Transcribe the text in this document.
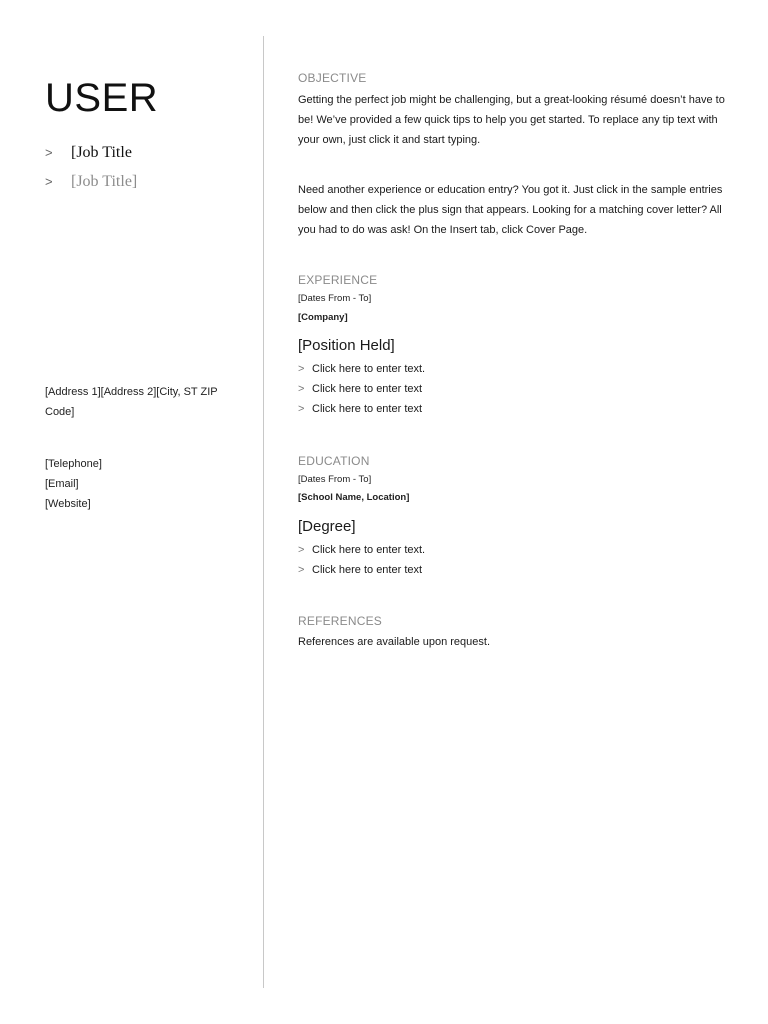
USER
> [Job Title
> [Job Title]
[Address 1][Address 2][City, ST ZIP Code]
[Telephone]
[Email]
[Website]
OBJECTIVE
Getting the perfect job might be challenging, but a great-looking résumé doesn’t have to be! We’ve provided a few quick tips to help you get started. To replace any tip text with your own, just click it and start typing.
Need another experience or education entry? You got it. Just click in the sample entries below and then click the plus sign that appears. Looking for a matching cover letter? All you had to do was ask! On the Insert tab, click Cover Page.
EXPERIENCE
[Dates From - To]
[Company]
[Position Held]
> Click here to enter text.
> Click here to enter text
> Click here to enter text
EDUCATION
[Dates From - To]
[School Name, Location]
[Degree]
> Click here to enter text.
> Click here to enter text
REFERENCES
References are available upon request.
